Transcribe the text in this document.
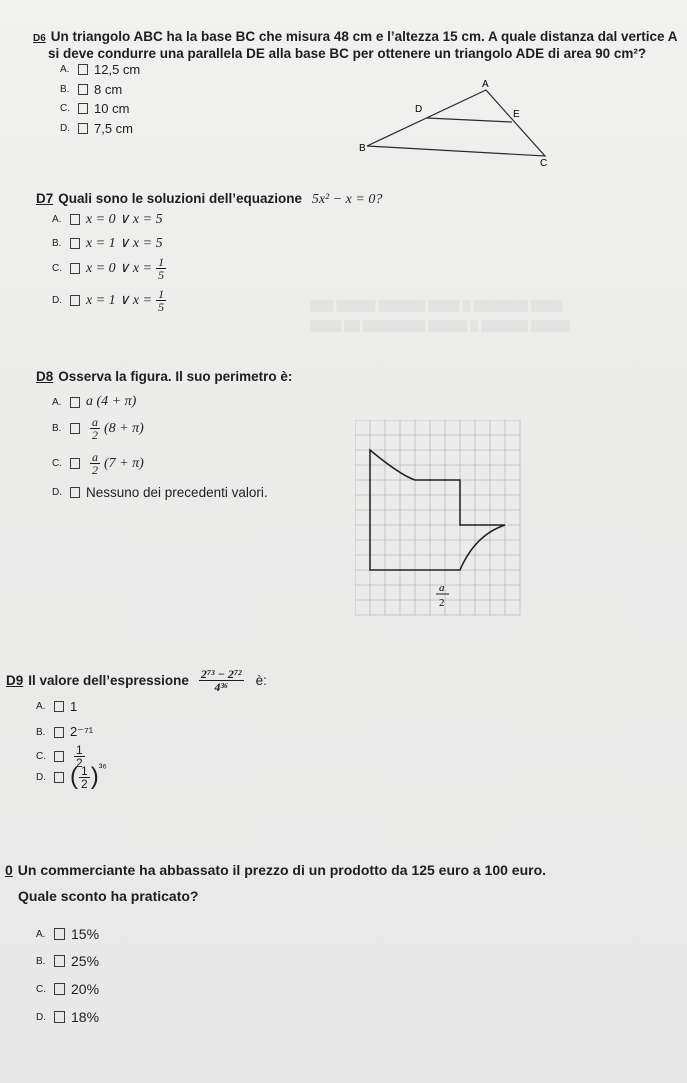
D6 Un triangolo ABC ha la base BC che misura 48 cm e l’altezza 15 cm. A quale distanza dal vertice A
si deve condurre una parallela DE alla base BC per ottenere un triangolo ADE di area 90 cm²?
A.	12,5 cm
B.	8 cm
C.	10 cm
D.	7,5 cm
A
D	E
B
C
D7 Quali sono le soluzioni dell’equazione 5x² − x = 0?
A.	x = 0 ∨ x = 5
B.	x = 1 ∨ x = 5
C.	x = 0 ∨ $x = \frac{1}{5}$
D.	x = 1 ∨ $x = \frac{1}{5}$	▒▒▒ ▒▒▒▒▒ ▒▒▒▒▒▒ ▒▒▒▒ ▒ ▒▒▒▒▒▒▒ ▒▒▒▒
▒▒▒▒ ▒▒ ▒▒▒▒▒▒▒▒ ▒▒▒▒▒ ▒ ▒▒▒▒▒▒ ▒▒▒▒▒
D8 Osserva la figura. Il suo perimetro è:
A.	a (4 + π)
B.	$\frac{a}{2} (8 + \pi)$
C.	$\frac{a}{2} (7 + \pi)$
D.	Nessuno dei precedenti valori.
a
2
D9 Il valore dell’espressione $\frac{\text{2⁷³ − 2⁷²}}{\text{4³⁶}}$ è:
A.	1
B.	2⁻⁷¹
C.	$\frac{1}{2}$
D.	( $\frac{1}{2}$ ) ³⁶
0 Un commerciante ha abbassato il prezzo di un prodotto da 125 euro a 100 euro.
Quale sconto ha praticato?
A.	15%
B.	25%
C.	20%
D.	18%
